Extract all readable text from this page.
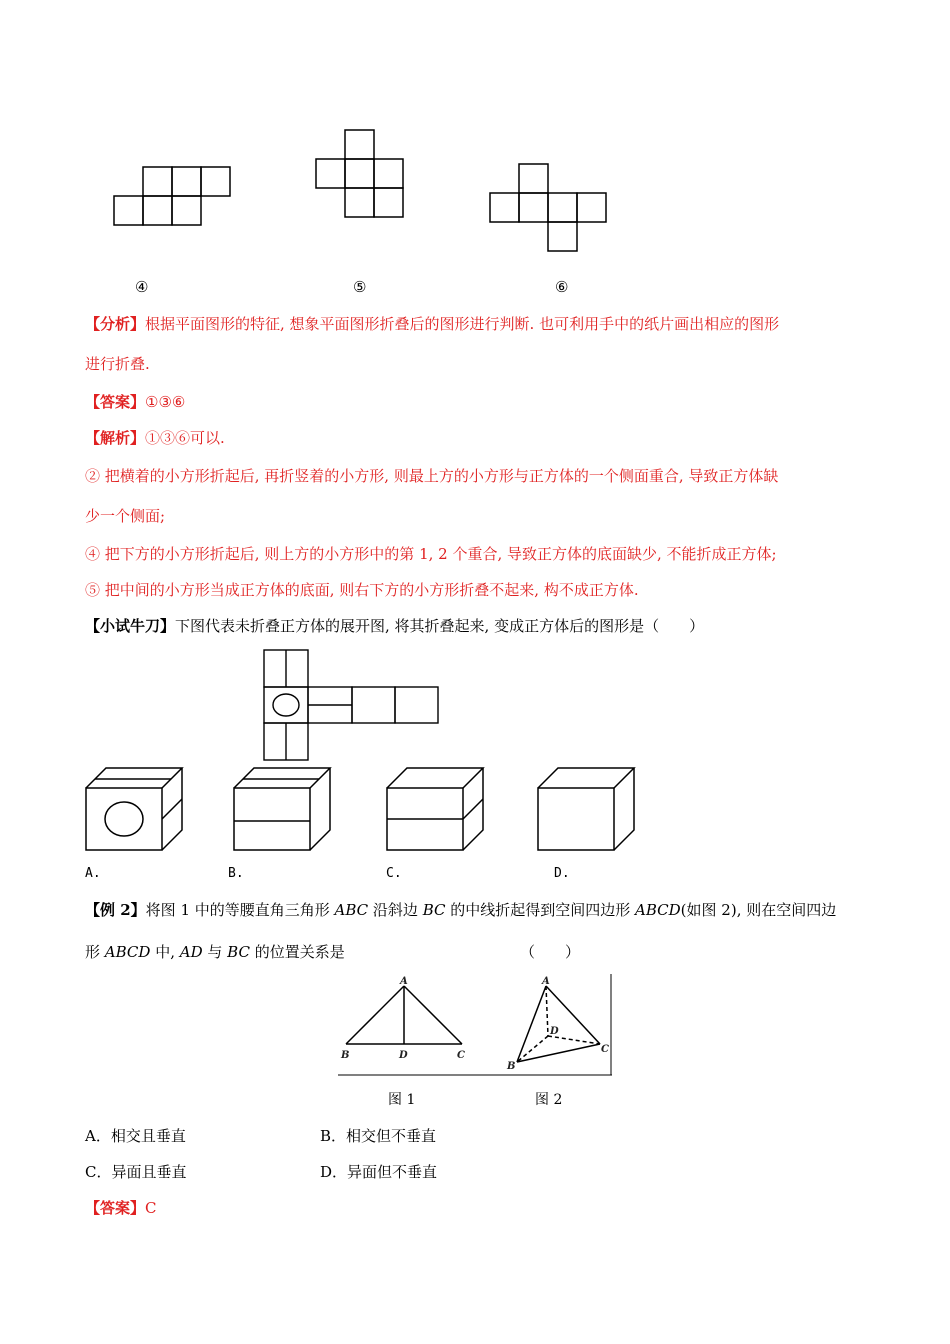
④	⑤	⑥
【分析】根据平面图形的特征, 想象平面图形折叠后的图形进行判断. 也可利用手中的纸片画出相应的图形
进行折叠.
【答案】①③⑥
【解析】①③⑥可以.
② 把横着的小方形折起后, 再折竖着的小方形, 则最上方的小方形与正方体的一个侧面重合, 导致正方体缺
少一个侧面;
④ 把下方的小方形折起后, 则上方的小方形中的第 1, 2 个重合, 导致正方体的底面缺少, 不能折成正方体;
⑤ 把中间的小方形当成正方体的底面, 则右下方的小方形折叠不起来, 构不成正方体.
【小试牛刀】下图代表未折叠正方体的展开图, 将其折叠起来, 变成正方体后的图形是（　　）
A.	B.	C.	D.
【例 2】将图 1 中的等腰直角三角形 ABC 沿斜边 BC 的中线折起得到空间四边形 ABCD(如图 2), 则在空间四边
形 ABCD 中, AD 与 BC 的位置关系是	（　　）
A
B	D	C
A
D
B
C
图 1	图 2
A．相交且垂直	B．相交但不垂直
C．异面且垂直	D．异面但不垂直
【答案】C
